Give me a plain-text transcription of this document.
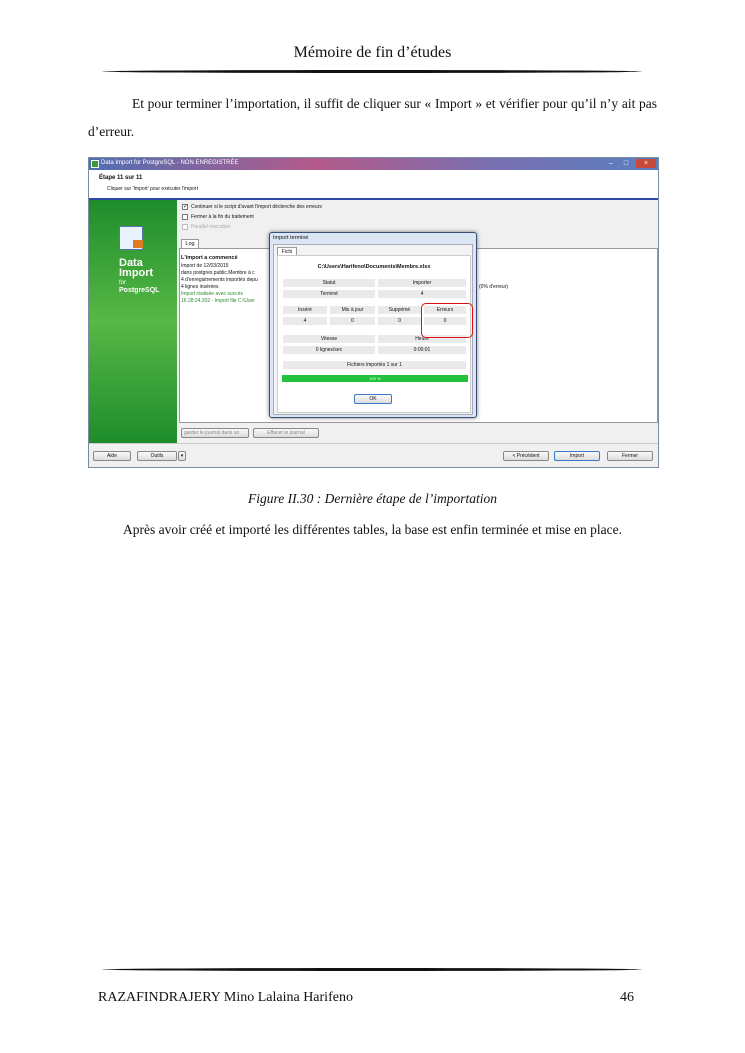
Mémoire de fin d’études
Et pour terminer l’importation, il suffit de cliquer sur « Import » et vérifier pour qu’il n’y ait pas d’erreur.
Data Import for PostgreSQL - NON ENREGISTRÉE	–	□	×
Étape 11 sur 11
Cliquer sur 'Import' pour exécuter l'import
Data
Import
for
PostgreSQL
✓
Continuer si le script d'avant l'import déclenche des erreurs
Fermer à la fin du traitement
Parallel execution
Log
L'import a commencé
Import de 12/03/2015
dans postgres.public.Membre à c
4 d'enregistrements importés depu
4 lignes insérées
Import réalisée avec succès
16:28:24.202 - Import file C:\User
(0% d'erreur)
garder le journal dans un	Effacer le journal
Aide	Outils	▾	< Précédent	Import	Fermer
Import terminé
Fichi
C:\Users\Harifeno\Documents\Membre.xlsx
Statut	Importer
Terminé	4
Inséré	Mis à jour	Supprimé	Erreurs
4	0	0	0
Vitesse	Heure
0 lignes/sec	0:00:01
Fichiers importés 1 sur 1
100 %
OK
Figure II.30 : Dernière étape de l’importation
Après avoir créé et importé les différentes tables, la base est enfin terminée et mise en place.
RAZAFINDRAJERY Mino Lalaina Harifeno	46
